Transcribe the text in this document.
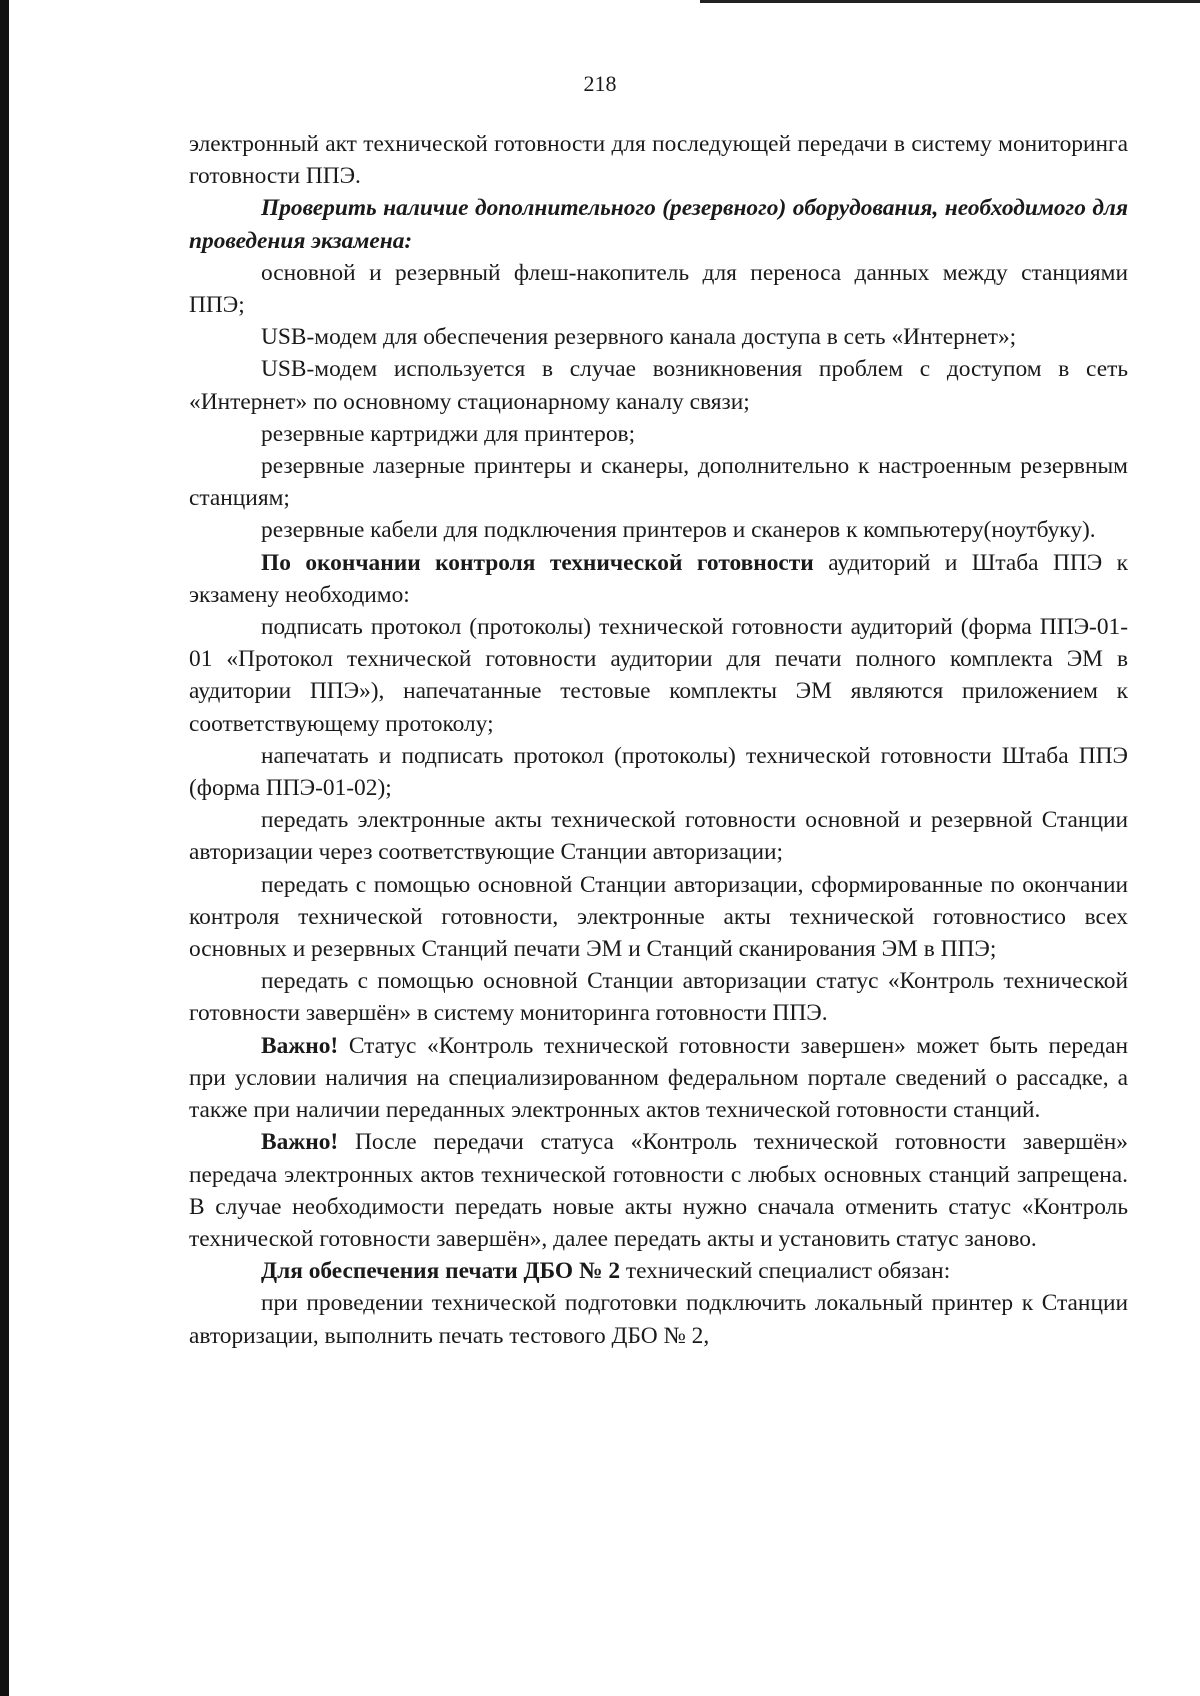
218

электронный акт технической готовности для последующей передачи в систему мониторинга готовности ППЭ.

Проверить наличие дополнительного (резервного) оборудования, необходимого для проведения экзамена:

основной и резервный флеш-накопитель для переноса данных между станциями ППЭ;

USB-модем для обеспечения резервного канала доступа в сеть «Интернет»;

USB-модем используется в случае возникновения проблем с доступом в сеть «Интернет» по основному стационарному каналу связи;

резервные картриджи для принтеров;

резервные лазерные принтеры и сканеры, дополнительно к настроенным резервным станциям;

резервные кабели для подключения принтеров и сканеров к компьютеру(ноутбуку).

По окончании контроля технической готовности аудиторий и Штаба ППЭ к экзамену необходимо:

подписать протокол (протоколы) технической готовности аудиторий (форма ППЭ-01-01 «Протокол технической готовности аудитории для печати полного комплекта ЭМ в аудитории ППЭ»), напечатанные тестовые комплекты ЭМ являются приложением к соответствующему протоколу;

напечатать и подписать протокол (протоколы) технической готовности Штаба ППЭ (форма ППЭ-01-02);

передать электронные акты технической готовности основной и резервной Станции авторизации через соответствующие Станции авторизации;

передать с помощью основной Станции авторизации, сформированные по окончании контроля технической готовности, электронные акты технической готовностисо всех основных и резервных Станций печати ЭМ и Станций сканирования ЭМ в ППЭ;

передать с помощью основной Станции авторизации статус «Контроль технической готовности завершён» в систему мониторинга готовности ППЭ.

Важно! Статус «Контроль технической готовности завершен» может быть передан при условии наличия на специализированном федеральном портале сведений о рассадке, а также при наличии переданных электронных актов технической готовности станций.

Важно! После передачи статуса «Контроль технической готовности завершён» передача электронных актов технической готовности с любых основных станций запрещена. В случае необходимости передать новые акты нужно сначала отменить статус «Контроль технической готовности завершён», далее передать акты и установить статус заново.

Для обеспечения печати ДБО № 2 технический специалист обязан:

при проведении технической подготовки подключить локальный принтер к Станции авторизации, выполнить печать тестового ДБО № 2,
